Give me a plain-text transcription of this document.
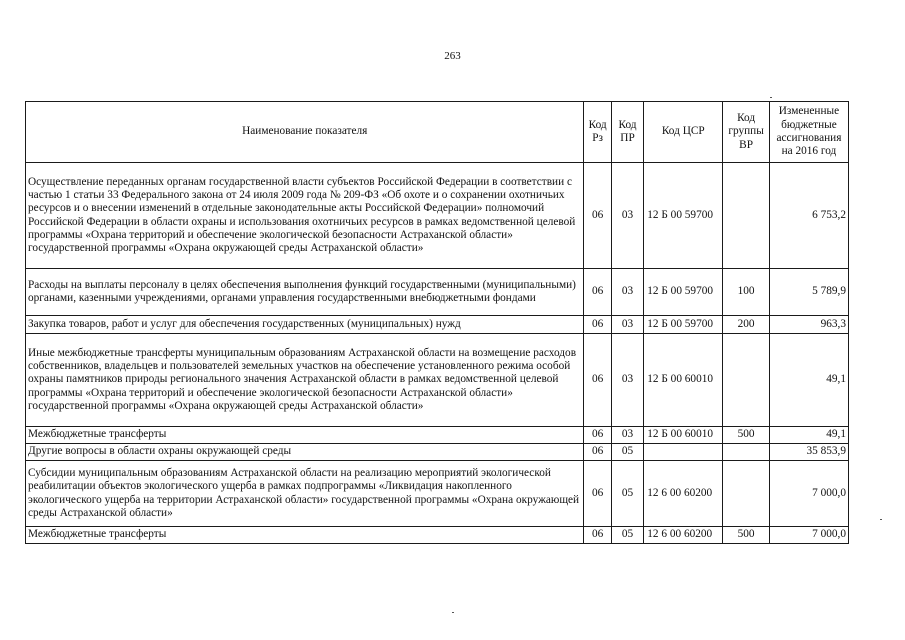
263
Наименование показателя	Код Рз	Код ПР	Код ЦСР	Код группы ВР	Измененные бюджетные ассигнования на 2016 год
Осуществление переданных органам государственной власти субъектов Российской Федерации в соответствии с частью 1 статьи 33 Федерального закона от 24 июля 2009 года № 209-ФЗ «Об охоте и о сохранении охотничьих ресурсов и о внесении изменений в отдельные законодательные акты Российской Федерации» полномочий Российской Федерации в области охраны и использования охотничьих ресурсов в рамках ведомственной целевой программы «Охрана территорий и обеспечение экологической безопасности Астраханской области» государственной программы «Охрана окружающей среды Астраханской области»	06	03	12 Б 00 59700		6 753,2
Расходы на выплаты персоналу в целях обеспечения выполнения функций государственными (муниципальными) органами, казенными учреждениями, органами управления государственными внебюджетными фондами	06	03	12 Б 00 59700	100	5 789,9
Закупка товаров, работ и услуг для обеспечения государственных (муниципальных) нужд	06	03	12 Б 00 59700	200	963,3
Иные межбюджетные трансферты муниципальным образованиям Астраханской области на возмещение расходов собственников, владельцев и пользователей земельных участков на обеспечение установленного режима особой охраны памятников природы регионального значения Астраханской области в рамках ведомственной целевой программы «Охрана территорий и обеспечение экологической безопасности Астраханской области» государственной программы «Охрана окружающей среды Астраханской области»	06	03	12 Б 00 60010		49,1
Межбюджетные трансферты	06	03	12 Б 00 60010	500	49,1
Другие вопросы в области охраны окружающей среды	06	05			35 853,9
Субсидии муниципальным образованиям Астраханской области на реализацию мероприятий экологической реабилитации объектов экологического ущерба в рамках подпрограммы «Ликвидация накопленного экологического ущерба на территории Астраханской области» государственной программы «Охрана окружающей среды Астраханской области»	06	05	12 6 00 60200		7 000,0
Межбюджетные трансферты	06	05	12 6 00 60200	500	7 000,0
